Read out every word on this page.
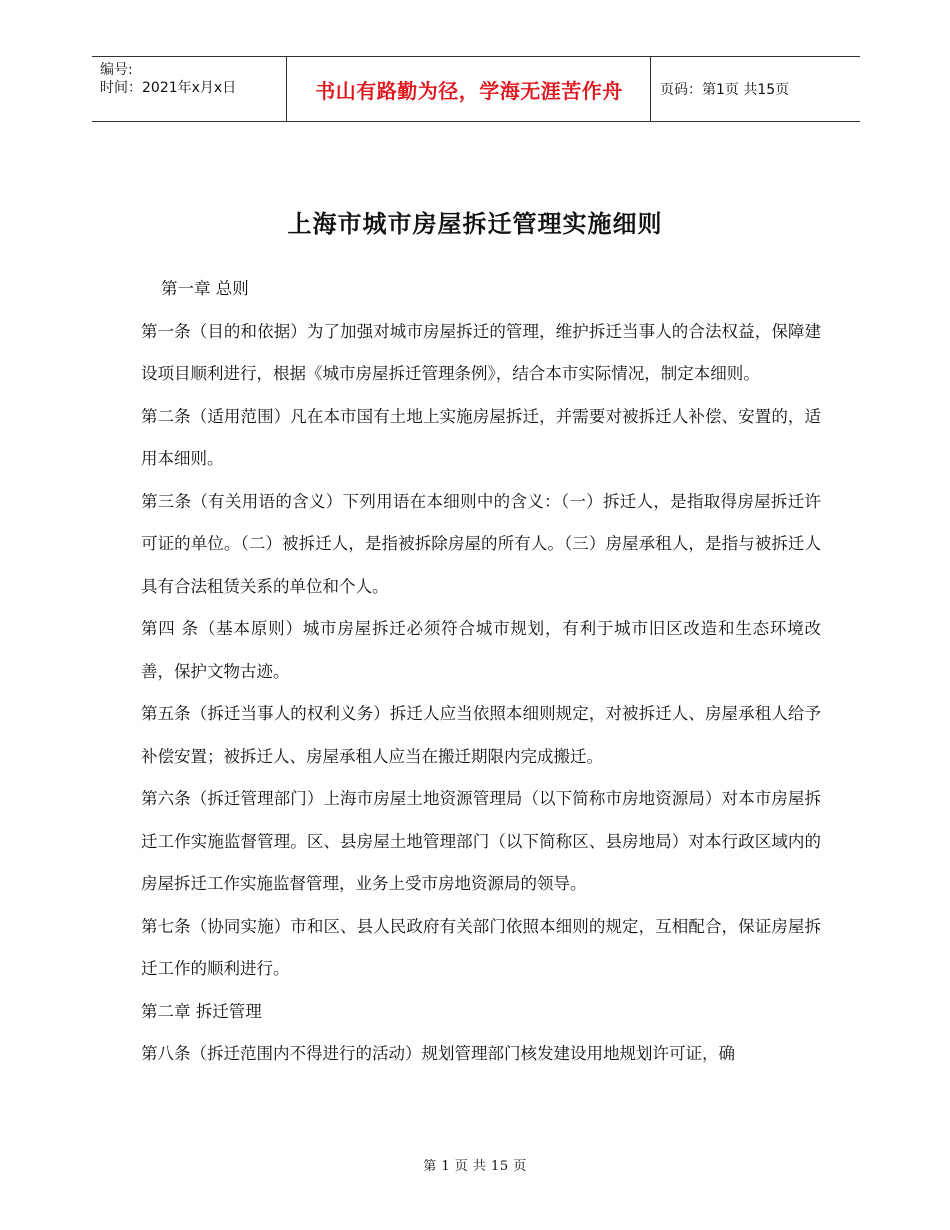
编号:
时间：2021年x月x日	书山有路勤为径，学海无涯苦作舟	页码：第1页 共15页
上海市城市房屋拆迁管理实施细则

第一章 总则

第一条（目的和依据）为了加强对城市房屋拆迁的管理，维护拆迁当事人的合法权益，保障建设项目顺利进行，根据《城市房屋拆迁管理条例》，结合本市实际情况，制定本细则。

第二条（适用范围）凡在本市国有土地上实施房屋拆迁，并需要对被拆迁人补偿、安置的，适用本细则。

第三条（有关用语的含义）下列用语在本细则中的含义：（一）拆迁人，是指取得房屋拆迁许可证的单位。（二）被拆迁人，是指被拆除房屋的所有人。（三）房屋承租人，是指与被拆迁人具有合法租赁关系的单位和个人。

第四 条（基本原则）城市房屋拆迁必须符合城市规划，有利于城市旧区改造和生态环境改善，保护文物古迹。

第五条（拆迁当事人的权利义务）拆迁人应当依照本细则规定，对被拆迁人、房屋承租人给予补偿安置；被拆迁人、房屋承租人应当在搬迁期限内完成搬迁。

第六条（拆迁管理部门）上海市房屋土地资源管理局（以下简称市房地资源局）对本市房屋拆迁工作实施监督管理。区、县房屋土地管理部门（以下简称区、县房地局）对本行政区域内的房屋拆迁工作实施监督管理，业务上受市房地资源局的领导。

第七条（协同实施）市和区、县人民政府有关部门依照本细则的规定，互相配合，保证房屋拆迁工作的顺利进行。

第二章 拆迁管理

第八条（拆迁范围内不得进行的活动）规划管理部门核发建设用地规划许可证，确

第 1 页 共 15 页
